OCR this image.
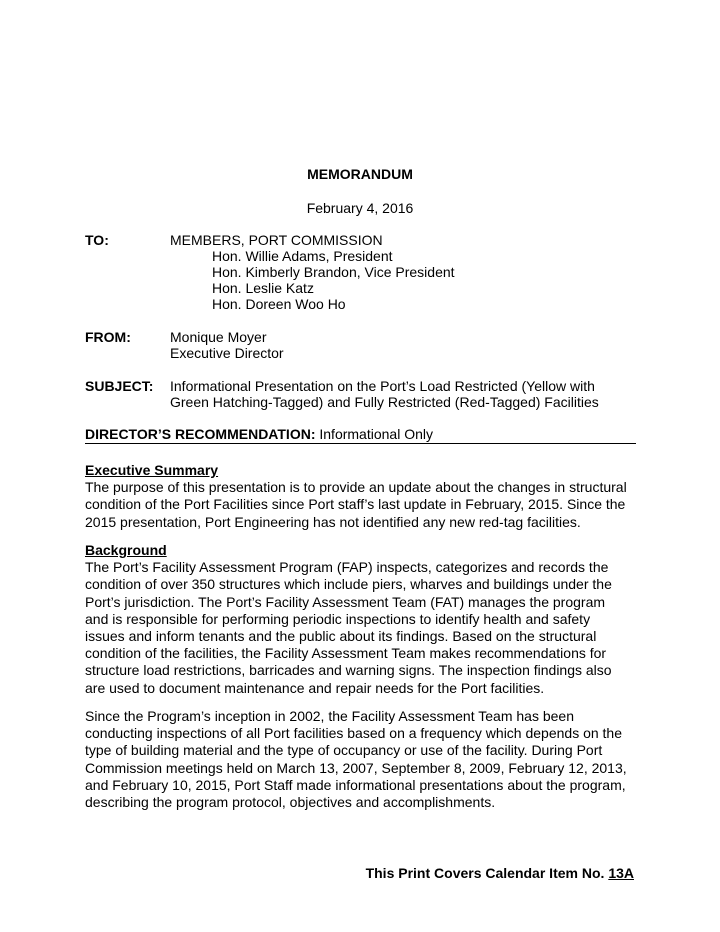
MEMORANDUM
February 4, 2016
TO:	MEMBERS, PORT COMMISSION
Hon. Willie Adams, President
Hon. Kimberly Brandon, Vice President
Hon. Leslie Katz
Hon. Doreen Woo Ho
FROM:	Monique Moyer
Executive Director
SUBJECT: Informational Presentation on the Port’s Load Restricted (Yellow with
Green Hatching-Tagged) and Fully Restricted (Red-Tagged) Facilities
DIRECTOR’S RECOMMENDATION: Informational Only

Executive Summary

The purpose of this presentation is to provide an update about the changes in structural

condition of the Port Facilities since Port staff’s last update in February, 2015. Since the

2015 presentation, Port Engineering has not identified any new red-tag facilities.

Background

The Port’s Facility Assessment Program (FAP) inspects, categorizes and records the

condition of over 350 structures which include piers, wharves and buildings under the

Port’s jurisdiction. The Port’s Facility Assessment Team (FAT) manages the program

and is responsible for performing periodic inspections to identify health and safety

issues and inform tenants and the public about its findings. Based on the structural

condition of the facilities, the Facility Assessment Team makes recommendations for

structure load restrictions, barricades and warning signs. The inspection findings also

are used to document maintenance and repair needs for the Port facilities.

Since the Program’s inception in 2002, the Facility Assessment Team has been

conducting inspections of all Port facilities based on a frequency which depends on the

type of building material and the type of occupancy or use of the facility. During Port

Commission meetings held on March 13, 2007, September 8, 2009, February 12, 2013,

and February 10, 2015, Port Staff made informational presentations about the program,

describing the program protocol, objectives and accomplishments.

This Print Covers Calendar Item No. 13A
